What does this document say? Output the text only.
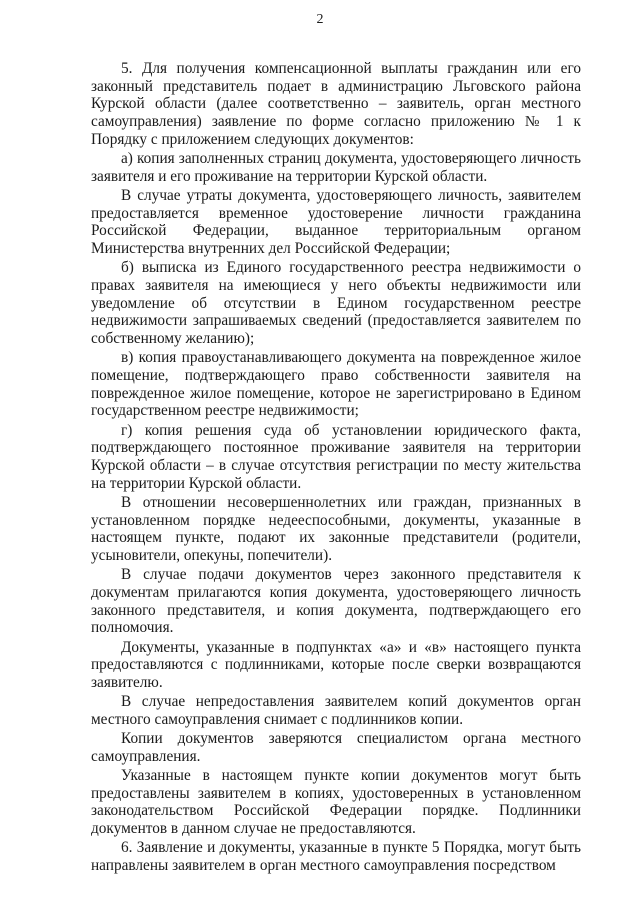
2

5. Для получения компенсационной выплаты гражданин или его законный представитель подает в администрацию Льговского района Курской области (далее соответственно – заявитель, орган местного самоуправления) заявление по форме согласно приложению № 1 к Порядку с приложением следующих документов:

а) копия заполненных страниц документа, удостоверяющего личность заявителя и его проживание на территории Курской области.

В случае утраты документа, удостоверяющего личность, заявителем предоставляется временное удостоверение личности гражданина Российской Федерации, выданное территориальным органом Министерства внутренних дел Российской Федерации;

б) выписка из Единого государственного реестра недвижимости о правах заявителя на имеющиеся у него объекты недвижимости или уведомление об отсутствии в Едином государственном реестре недвижимости запрашиваемых сведений (предоставляется заявителем по собственному желанию);

в) копия правоустанавливающего документа на поврежденное жилое помещение, подтверждающего право собственности заявителя на поврежденное жилое помещение, которое не зарегистрировано в Едином государственном реестре недвижимости;

г) копия решения суда об установлении юридического факта, подтверждающего постоянное проживание заявителя на территории Курской области – в случае отсутствия регистрации по месту жительства на территории Курской области.

В отношении несовершеннолетних или граждан, признанных в установленном порядке недееспособными, документы, указанные в настоящем пункте, подают их законные представители (родители, усыновители, опекуны, попечители).

В случае подачи документов через законного представителя к документам прилагаются копия документа, удостоверяющего личность законного представителя, и копия документа, подтверждающего его полномочия.

Документы, указанные в подпунктах «а» и «в» настоящего пункта предоставляются с подлинниками, которые после сверки возвращаются заявителю.

В случае непредоставления заявителем копий документов орган местного самоуправления снимает с подлинников копии.

Копии документов заверяются специалистом органа местного самоуправления.

Указанные в настоящем пункте копии документов могут быть предоставлены заявителем в копиях, удостоверенных в установленном законодательством Российской Федерации порядке. Подлинники документов в данном случае не предоставляются.

6. Заявление и документы, указанные в пункте 5 Порядка, могут быть направлены заявителем в орган местного самоуправления посредством
